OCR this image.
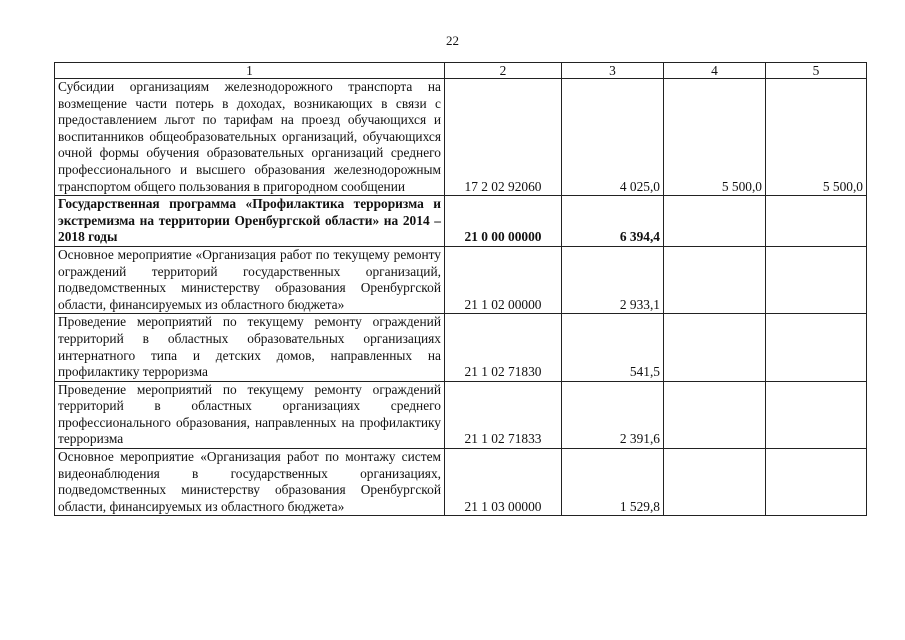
22
1	2	3	4	5
Субсидии организациям железнодорожного транспорта на возмещение части потерь в доходах, возникающих в связи с предоставлением льгот по тарифам на проезд обучающихся и воспитанников общеобразовательных организаций, обучающихся очной формы обучения образовательных организаций среднего профессионального и высшего образования железнодорожным транспортом общего пользования в пригородном сообщении	17 2 02 92060	4 025,0	5 500,0	5 500,0
Государственная программа «Профилактика терроризма и экстремизма на территории Оренбургской области» на 2014 – 2018 годы	21 0 00 00000	6 394,4		
Основное мероприятие «Организация работ по текущему ремонту ограждений территорий государственных организаций, подведомственных министерству образования Оренбургской области, финансируемых из областного бюджета»	21 1 02 00000	2 933,1		
Проведение мероприятий по текущему ремонту ограждений территорий в областных образовательных организациях интернатного типа и детских домов, направленных на профилактику терроризма	21 1 02 71830	541,5		
Проведение мероприятий по текущему ремонту ограждений территорий в областных организациях среднего профессионального образования, направленных на профилактику терроризма	21 1 02 71833	2 391,6		
Основное мероприятие «Организация работ по монтажу систем видеонаблюдения в государственных организациях, подведомственных министерству образования Оренбургской области, финансируемых из областного бюджета»	21 1 03 00000	1 529,8		
